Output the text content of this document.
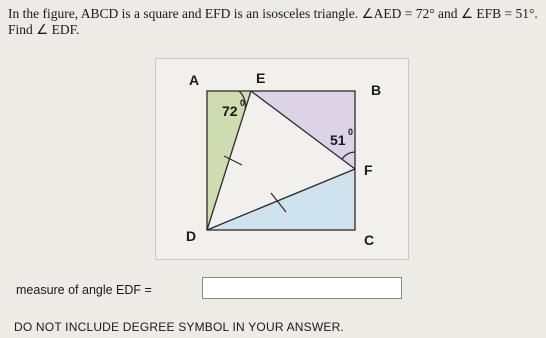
In the figure, ABCD is a square and EFD is an isosceles triangle. ∠AED = 72° and ∠ EFB = 51°. Find ∠ EDF.
A	E
B
F
D	C
72 0
51 0
measure of angle EDF =
DO NOT INCLUDE DEGREE SYMBOL IN YOUR ANSWER.
